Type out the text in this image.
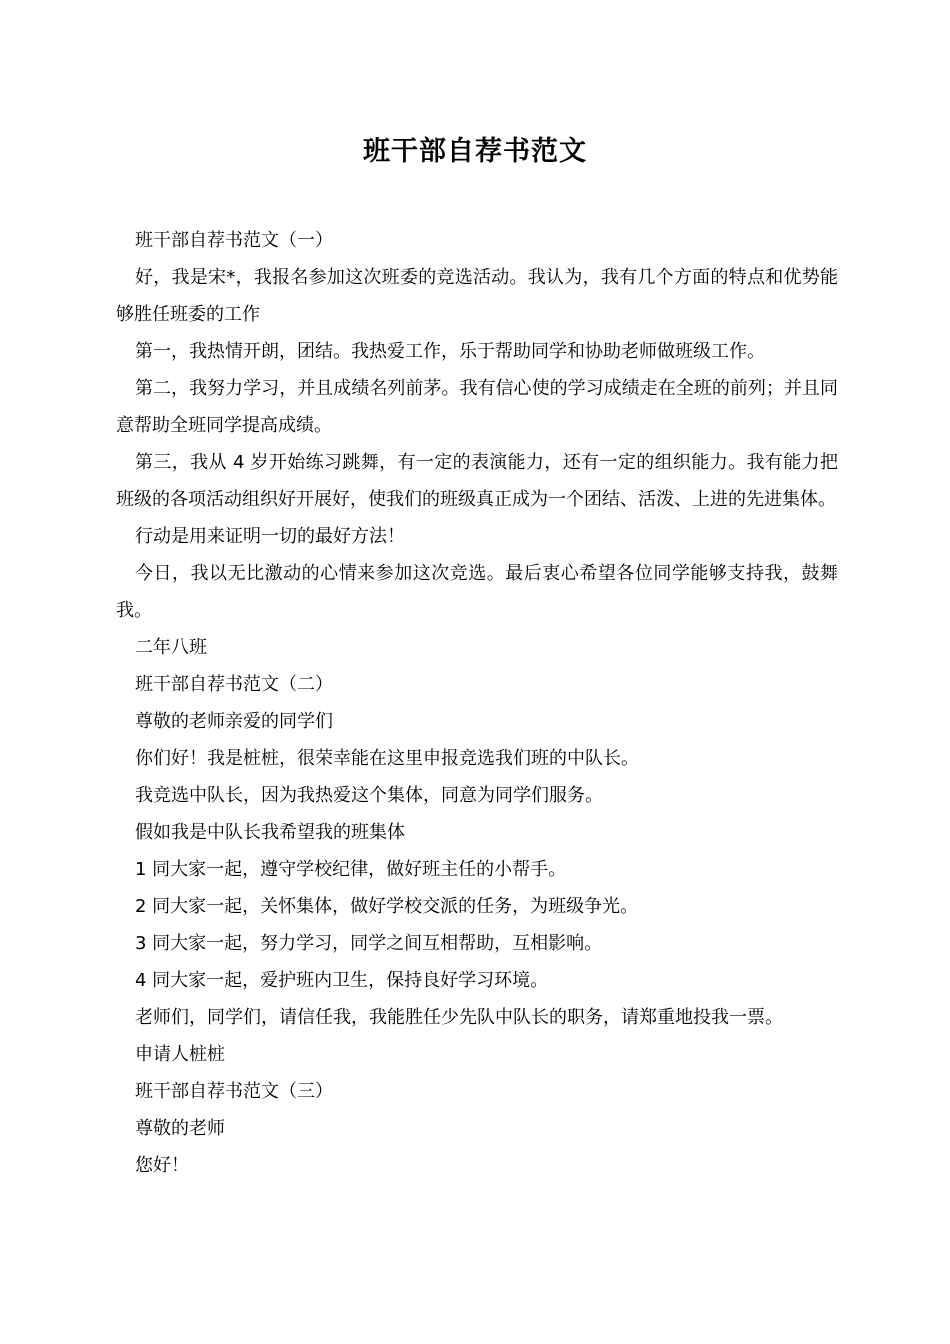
班干部自荐书范文

班干部自荐书范文（一）

好，我是宋*，我报名参加这次班委的竞选活动。我认为，我有几个方面的特点和优势能够胜任班委的工作

第一，我热情开朗，团结。我热爱工作，乐于帮助同学和协助老师做班级工作。

第二，我努力学习，并且成绩名列前茅。我有信心使的学习成绩走在全班的前列；并且同意帮助全班同学提高成绩。

第三，我从 4 岁开始练习跳舞，有一定的表演能力，还有一定的组织能力。我有能力把班级的各项活动组织好开展好，使我们的班级真正成为一个团结、活泼、上进的先进集体。

行动是用来证明一切的最好方法！

今日，我以无比激动的心情来参加这次竞选。最后衷心希望各位同学能够支持我，鼓舞我。

二年八班

班干部自荐书范文（二）

尊敬的老师亲爱的同学们

你们好！我是桩桩，很荣幸能在这里申报竞选我们班的中队长。

我竞选中队长，因为我热爱这个集体，同意为同学们服务。

假如我是中队长我希望我的班集体

1 同大家一起，遵守学校纪律，做好班主任的小帮手。

2 同大家一起，关怀集体，做好学校交派的任务，为班级争光。

3 同大家一起，努力学习，同学之间互相帮助，互相影响。

4 同大家一起，爱护班内卫生，保持良好学习环境。

老师们，同学们，请信任我，我能胜任少先队中队长的职务，请郑重地投我一票。

申请人桩桩

班干部自荐书范文（三）

尊敬的老师

您好！
